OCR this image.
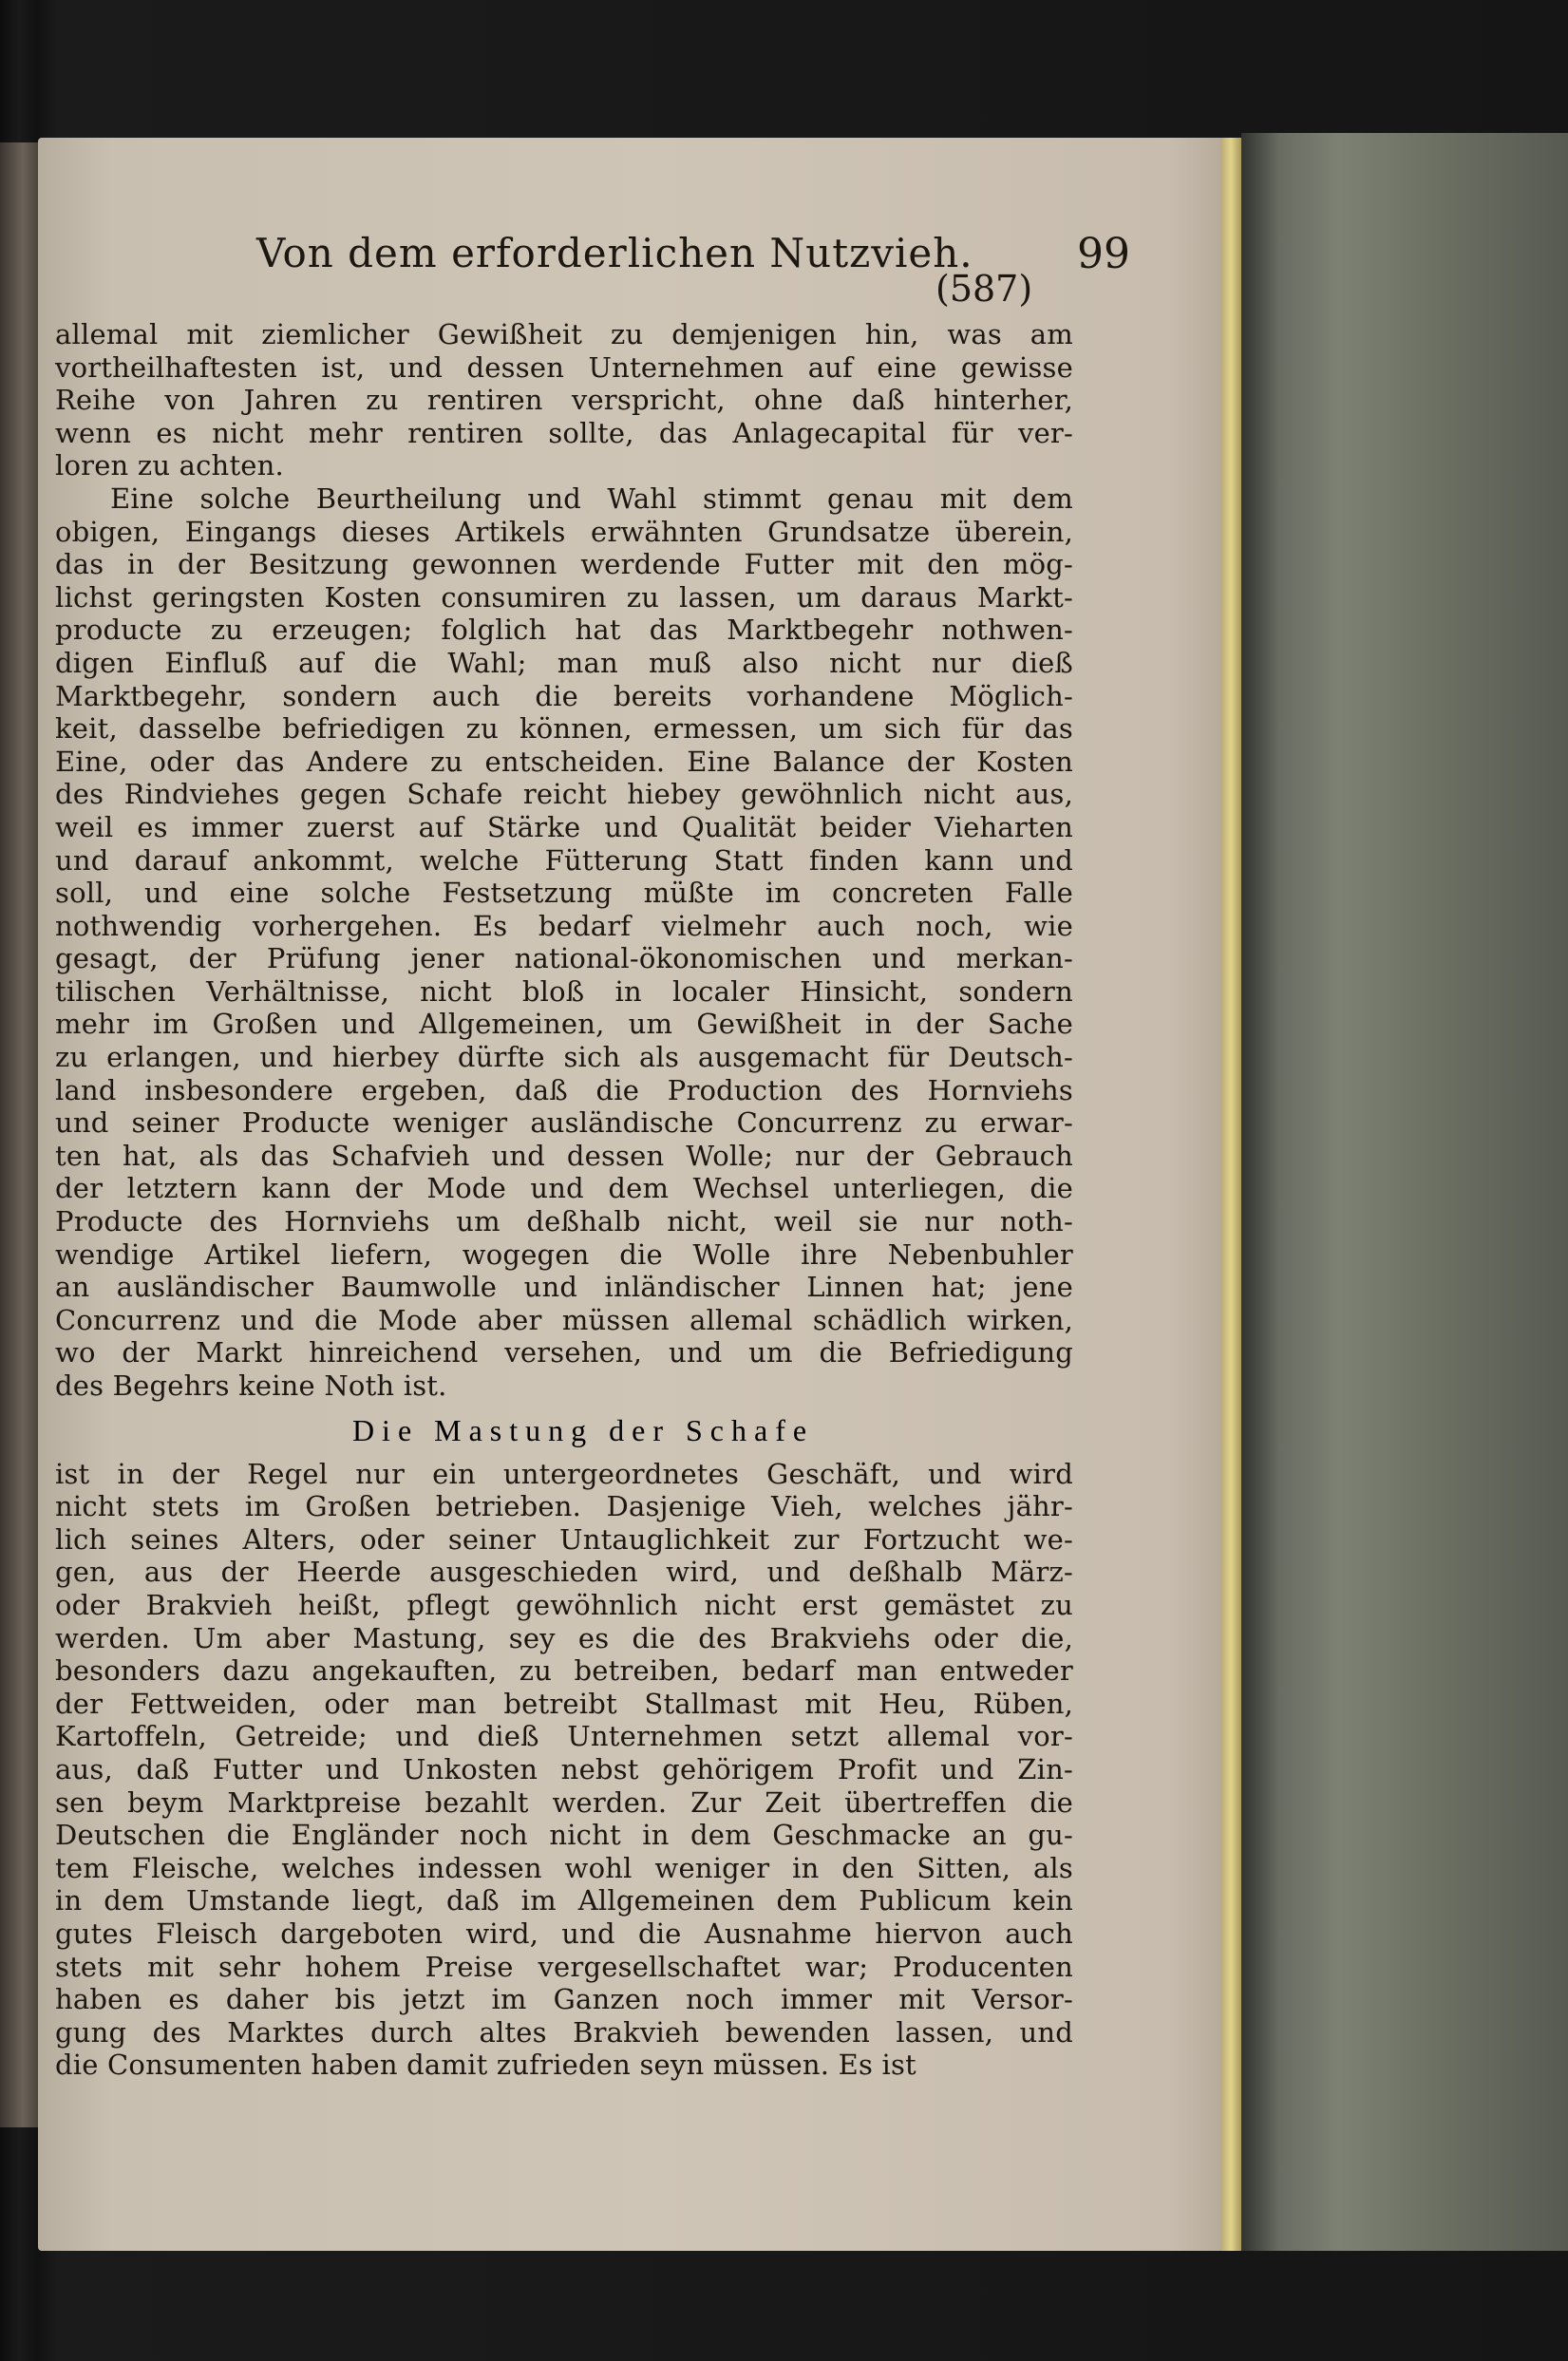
Von dem erforderlichen Nutzvieh. 99
(587)
allemal mit ziemlicher Gewißheit zu demjenigen hin, was am
vortheilhaftesten ist, und dessen Unternehmen auf eine gewisse
Reihe von Jahren zu rentiren verspricht, ohne daß hinterher,
wenn es nicht mehr rentiren sollte, das Anlagecapital für ver-
loren zu achten.
Eine solche Beurtheilung und Wahl stimmt genau mit dem
obigen, Eingangs dieses Artikels erwähnten Grundsatze überein,
das in der Besitzung gewonnen werdende Futter mit den mög-
lichst geringsten Kosten consumiren zu lassen, um daraus Markt-
producte zu erzeugen; folglich hat das Marktbegehr nothwen-
digen Einfluß auf die Wahl; man muß also nicht nur dieß
Marktbegehr, sondern auch die bereits vorhandene Möglich-
keit, dasselbe befriedigen zu können, ermessen, um sich für das
Eine, oder das Andere zu entscheiden. Eine Balance der Kosten
des Rindviehes gegen Schafe reicht hiebey gewöhnlich nicht aus,
weil es immer zuerst auf Stärke und Qualität beider Vieharten
und darauf ankommt, welche Fütterung Statt finden kann und
soll, und eine solche Festsetzung müßte im concreten Falle
nothwendig vorhergehen. Es bedarf vielmehr auch noch, wie
gesagt, der Prüfung jener national-ökonomischen und merkan-
tilischen Verhältnisse, nicht bloß in localer Hinsicht, sondern
mehr im Großen und Allgemeinen, um Gewißheit in der Sache
zu erlangen, und hierbey dürfte sich als ausgemacht für Deutsch-
land insbesondere ergeben, daß die Production des Hornviehs
und seiner Producte weniger ausländische Concurrenz zu erwar-
ten hat, als das Schafvieh und dessen Wolle; nur der Gebrauch
der letztern kann der Mode und dem Wechsel unterliegen, die
Producte des Hornviehs um deßhalb nicht, weil sie nur noth-
wendige Artikel liefern, wogegen die Wolle ihre Nebenbuhler
an ausländischer Baumwolle und inländischer Linnen hat; jene
Concurrenz und die Mode aber müssen allemal schädlich wirken,
wo der Markt hinreichend versehen, und um die Befriedigung
des Begehrs keine Noth ist.
Die Mastung der Schafe
ist in der Regel nur ein untergeordnetes Geschäft, und wird
nicht stets im Großen betrieben. Dasjenige Vieh, welches jähr-
lich seines Alters, oder seiner Untauglichkeit zur Fortzucht we-
gen, aus der Heerde ausgeschieden wird, und deßhalb März-
oder Brakvieh heißt, pflegt gewöhnlich nicht erst gemästet zu
werden. Um aber Mastung, sey es die des Brakviehs oder die,
besonders dazu angekauften, zu betreiben, bedarf man entweder
der Fettweiden, oder man betreibt Stallmast mit Heu, Rüben,
Kartoffeln, Getreide; und dieß Unternehmen setzt allemal vor-
aus, daß Futter und Unkosten nebst gehörigem Profit und Zin-
sen beym Marktpreise bezahlt werden. Zur Zeit übertreffen die
Deutschen die Engländer noch nicht in dem Geschmacke an gu-
tem Fleische, welches indessen wohl weniger in den Sitten, als
in dem Umstande liegt, daß im Allgemeinen dem Publicum kein
gutes Fleisch dargeboten wird, und die Ausnahme hiervon auch
stets mit sehr hohem Preise vergesellschaftet war; Producenten
haben es daher bis jetzt im Ganzen noch immer mit Versor-
gung des Marktes durch altes Brakvieh bewenden lassen, und
die Consumenten haben damit zufrieden seyn müssen. Es ist
